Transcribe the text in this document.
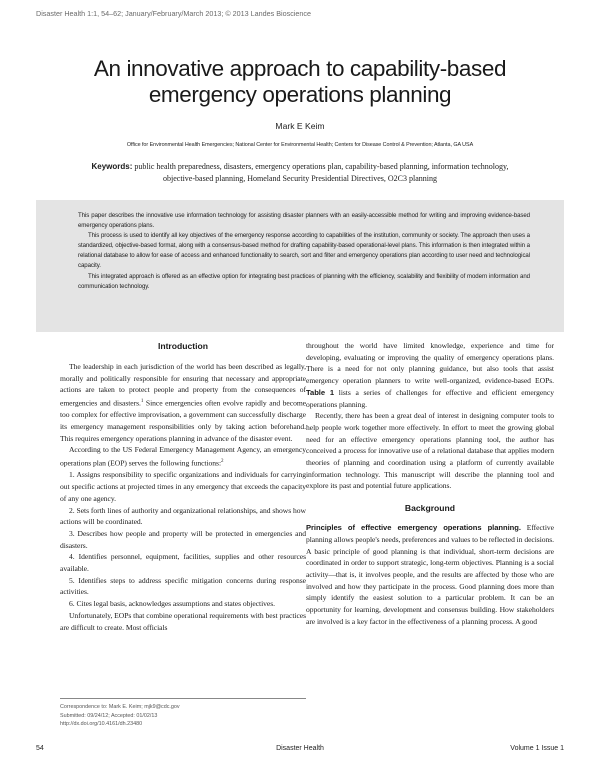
Disaster Health 1:1, 54–62; January/February/March 2013; © 2013 Landes Bioscience
An innovative approach to capability-based
emergency operations planning
Mark E Keim
Office for Environmental Health Emergencies; National Center for Environmental Health; Centers for Disease Control & Prevention; Atlanta, GA USA
Keywords: public health preparedness, disasters, emergency operations plan, capability-based planning, information technology,
objective-based planning, Homeland Security Presidential Directives, O2C3 planning

This paper describes the innovative use information technology for assisting disaster planners with an easily-accessible method for writing and improving evidence-based emergency operations plans.

This process is used to identify all key objectives of the emergency response according to capabilities of the institution, community or society. The approach then uses a standardized, objective-based format, along with a consensus-based method for drafting capability-based operational-level plans. This information is then integrated within a relational database to allow for ease of access and enhanced functionality to search, sort and filter and emergency operations plan according to user need and technological capacity.

This integrated approach is offered as an effective option for integrating best practices of planning with the efficiency, scalability and flexibility of modern information and communication technology.

Introduction

The leadership in each jurisdiction of the world has been described as legally, morally and politically responsible for ensuring that necessary and appropriate actions are taken to protect people and property from the consequences of emergencies and disasters.$^1$ Since emergencies often evolve rapidly and become too complex for effective improvisation, a government can successfully discharge its emergency management responsibilities only by taking action beforehand. This requires emergency operations planning in advance of the disaster event.

According to the US Federal Emergency Management Agency, an emergency operations plan (EOP) serves the following functions:$^2$

1. Assigns responsibility to specific organizations and individuals for carrying out specific actions at projected times in any emergency that exceeds the capacity of any one agency.

2. Sets forth lines of authority and organizational relationships, and shows how actions will be coordinated.

3. Describes how people and property will be protected in emergencies and disasters.

4. Identifies personnel, equipment, facilities, supplies and other resources available.

5. Identifies steps to address specific mitigation concerns during response activities.

6. Cites legal basis, acknowledges assumptions and states objectives.

Unfortunately, EOPs that combine operational requirements with best practices are difficult to create. Most officials

throughout the world have limited knowledge, experience and time for developing, evaluating or improving the quality of emergency operations plans. There is a need for not only planning guidance, but also tools that assist emergency operation planners to write well-organized, evidence-based EOPs. Table 1 lists a series of challenges for effective and efficient emergency operations planning.

Recently, there has been a great deal of interest in designing computer tools to help people work together more effectively. In effort to meet the growing global need for an effective emergency operations planning tool, the author has conceived a process for innovative use of a relational database that applies modern theories of planning and coordination using a platform of currently available information technology. This manuscript will describe the planning tool and explore its past and potential future applications.

Background

Principles of effective emergency operations planning. Effective planning allows people's needs, preferences and values to be reflected in decisions. A basic principle of good planning is that individual, short-term decisions are coordinated in order to support strategic, long-term objectives. Planning is a social activity—that is, it involves people, and the results are affected by those who are involved and how they participate in the process. Good planning does more than simply identify the easiest solution to a particular problem. It can be an opportunity for learning, development and consensus building. How stakeholders are involved is a key factor in the effectiveness of a planning process. A good

Correspondence to: Mark E. Keim; mjk9@cdc.gov
Submitted: 09/24/12; Accepted: 01/02/13
http://dx.doi.org/10.4161/dh.23480
54	Disaster Health	Volume 1 Issue 1
